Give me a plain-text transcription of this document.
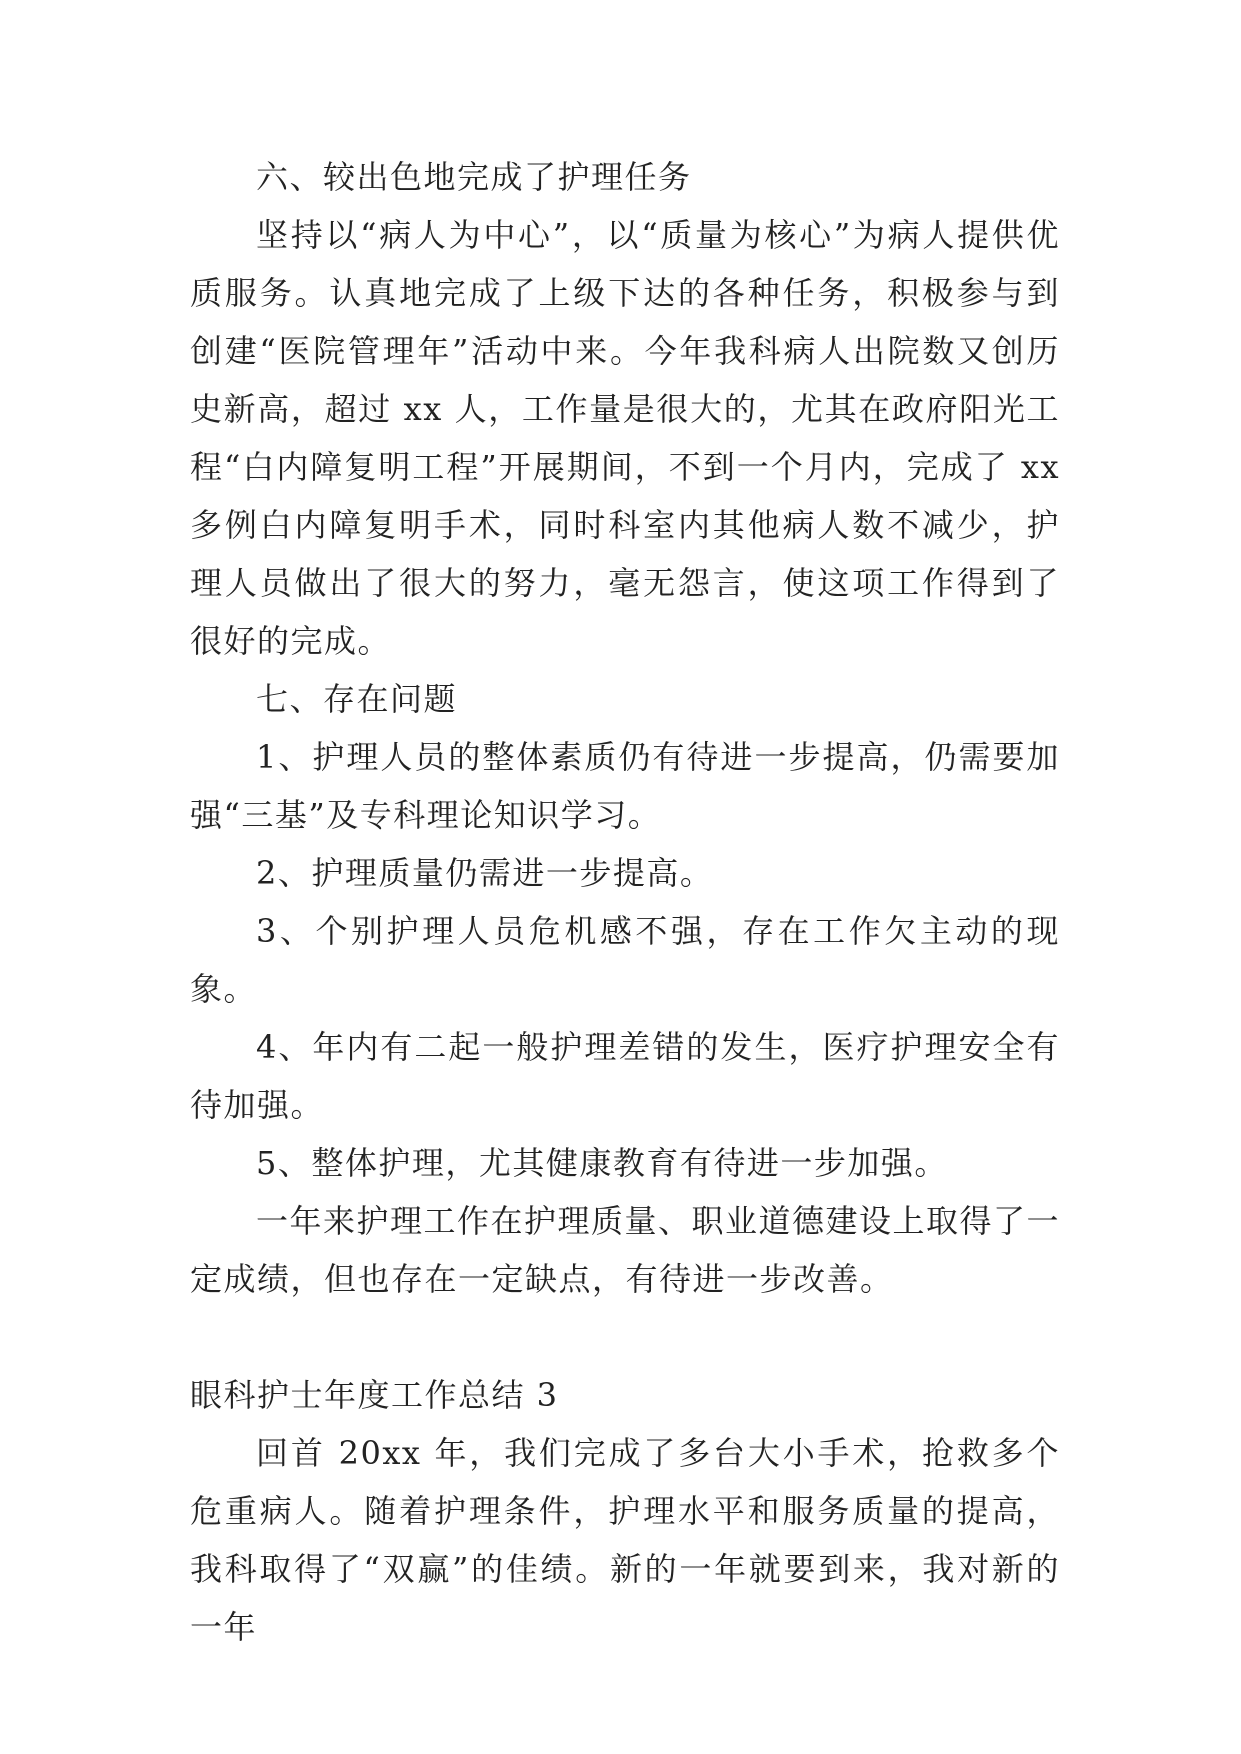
六、较出色地完成了护理任务

坚持以“病人为中心”，以“质量为核心”为病人提供优质服务。认真地完成了上级下达的各种任务，积极参与到创建“医院管理年”活动中来。今年我科病人出院数又创历史新高，超过 xx 人，工作量是很大的，尤其在政府阳光工程“白内障复明工程”开展期间，不到一个月内，完成了 xx 多例白内障复明手术，同时科室内其他病人数不减少，护理人员做出了很大的努力，毫无怨言，使这项工作得到了很好的完成。

七、存在问题

1、护理人员的整体素质仍有待进一步提高，仍需要加强“三基”及专科理论知识学习。

2、护理质量仍需进一步提高。

3、个别护理人员危机感不强，存在工作欠主动的现象。

4、年内有二起一般护理差错的发生，医疗护理安全有待加强。

5、整体护理，尤其健康教育有待进一步加强。

一年来护理工作在护理质量、职业道德建设上取得了一定成绩，但也存在一定缺点，有待进一步改善。

眼科护士年度工作总结 3

回首 20xx 年，我们完成了多台大小手术，抢救多个危重病人。随着护理条件，护理水平和服务质量的提高，我科取得了“双赢”的佳绩。新的一年就要到来，我对新的一年
